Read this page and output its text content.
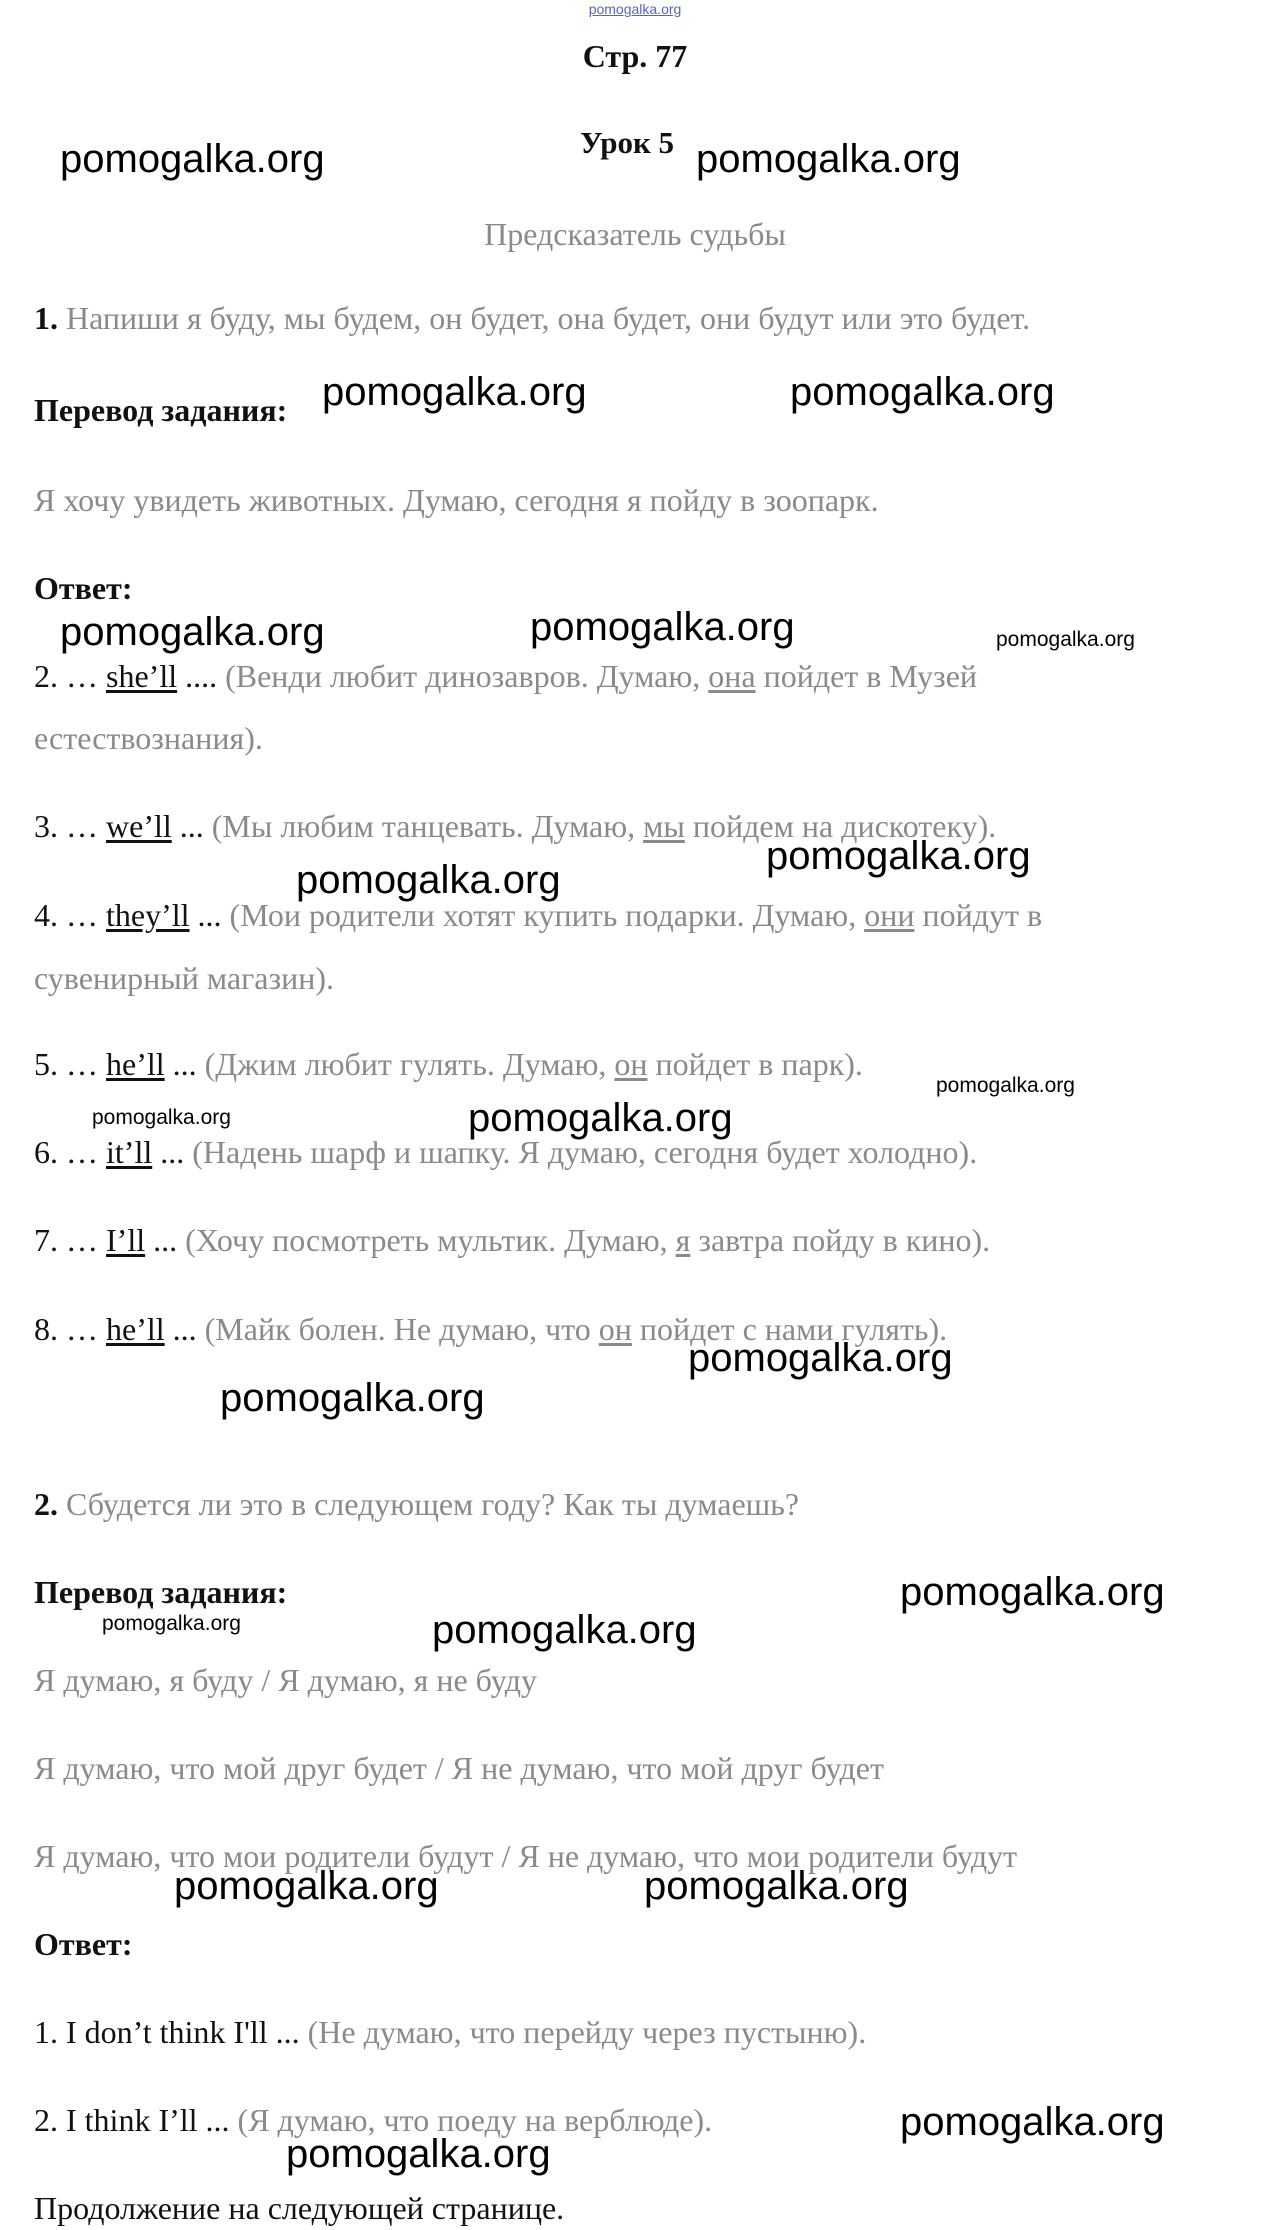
pomogalka.org
Стр. 77
Урок 5
Предсказатель судьбы
1. Напиши я буду, мы будем, он будет, она будет, они будут или это будет.
Перевод задания:
Я хочу увидеть животных. Думаю, сегодня я пойду в зоопарк.
Ответ:
2. … she’ll .... (Венди любит динозавров. Думаю, она пойдет в Музей
естествознания).
3. … we’ll ... (Мы любим танцевать. Думаю, мы пойдем на дискотеку).
4. … they’ll ... (Мои родители хотят купить подарки. Думаю, они пойдут в
сувенирный магазин).
5. … he’ll ... (Джим любит гулять. Думаю, он пойдет в парк).
6. … it’ll ... (Надень шарф и шапку. Я думаю, сегодня будет холодно).
7. … I’ll ... (Хочу посмотреть мультик. Думаю, я завтра пойду в кино).
8. … he’ll ... (Майк болен. Не думаю, что он пойдет с нами гулять).
2. Сбудется ли это в следующем году? Как ты думаешь?
Перевод задания:
Я думаю, я буду / Я думаю, я не буду
Я думаю, что мой друг будет / Я не думаю, что мой друг будет
Я думаю, что мои родители будут / Я не думаю, что мои родители будут
Ответ:
1. I don’t think I'll ... (Не думаю, что перейду через пустыню).
2. I think I’ll ... (Я думаю, что поеду на верблюде).
Продолжение на следующей странице.
pomogalka.org	pomogalka.org
pomogalka.org	pomogalka.org
pomogalka.org	pomogalka.org	pomogalka.org
pomogalka.org
pomogalka.org
pomogalka.org
pomogalka.org	pomogalka.org
pomogalka.org
pomogalka.org
pomogalka.org
pomogalka.org	pomogalka.org
pomogalka.org	pomogalka.org
pomogalka.org
pomogalka.org
